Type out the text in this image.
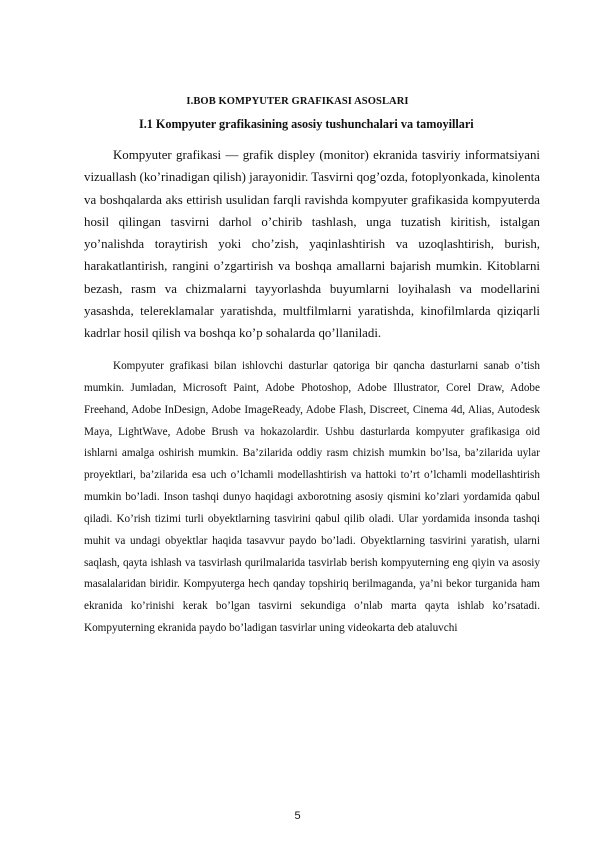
I.BOB KOMPYUTER GRAFIKASI ASOSLARI
I.1 Kompyuter grafikasining asosiy tushunchalari va tamoyillari

Kompyuter grafikasi — grafik displey (monitor) ekranida tasviriy informatsiyani vizuallash (ko’rinadigan qilish) jarayonidir. Tasvirni qog’ozda, fotoplyonkada, kinolenta va boshqalarda aks ettirish usulidan farqli ravishda kompyuter grafikasida kompyuterda hosil qilingan tasvirni darhol o’chirib tashlash, unga tuzatish kiritish, istalgan yo’nalishda toraytirish yoki cho’zish, yaqinlashtirish va uzoqlashtirish, burish, harakatlantirish, rangini o’zgartirish va boshqa amallarni bajarish mumkin. Kitoblarni bezash, rasm va chizmalarni tayyorlashda buyumlarni loyihalash va modellarini yasashda, telereklamalar yaratishda, multfilmlarni yaratishda, kinofilmlarda qiziqarli kadrlar hosil qilish va boshqa ko’p sohalarda qo’llaniladi.

Kompyuter grafikasi bilan ishlovchi dasturlar qatoriga bir qancha dasturlarni sanab o’tish mumkin. Jumladan, Microsoft Paint, Adobe Photoshop, Adobe Illustrator, Corel Draw, Adobe Freehand, Adobe InDesign, Adobe ImageReady, Adobe Flash, Discreet, Cinema 4d, Alias, Autodesk Maya, LightWave, Adobe Brush va hokazolardir. Ushbu dasturlarda kompyuter grafikasiga oid ishlarni amalga oshirish mumkin. Ba’zilarida oddiy rasm chizish mumkin bo’lsa, ba’zilarida uylar proyektlari, ba’zilarida esa uch o’lchamli modellashtirish va hattoki to’rt o’lchamli modellashtirish mumkin bo’ladi. Inson tashqi dunyo haqidagi axborotning asosiy qismini ko’zlari yordamida qabul qiladi. Ko’rish tizimi turli obyektlarning tasvirini qabul qilib oladi. Ular yordamida insonda tashqi muhit va undagi obyektlar haqida tasavvur paydo bo’ladi. Obyektlarning tasvirini yaratish, ularni saqlash, qayta ishlash va tasvirlash qurilmalarida tasvirlab berish kompyuterning eng qiyin va asosiy masalalaridan biridir. Kompyuterga hech qanday topshiriq berilmaganda, ya’ni bekor turganida ham ekranida ko’rinishi kerak bo’lgan tasvirni sekundiga o’nlab marta qayta ishlab ko’rsatadi. Kompyuterning ekranida paydo bo’ladigan tasvirlar uning videokarta deb ataluvchi

5
